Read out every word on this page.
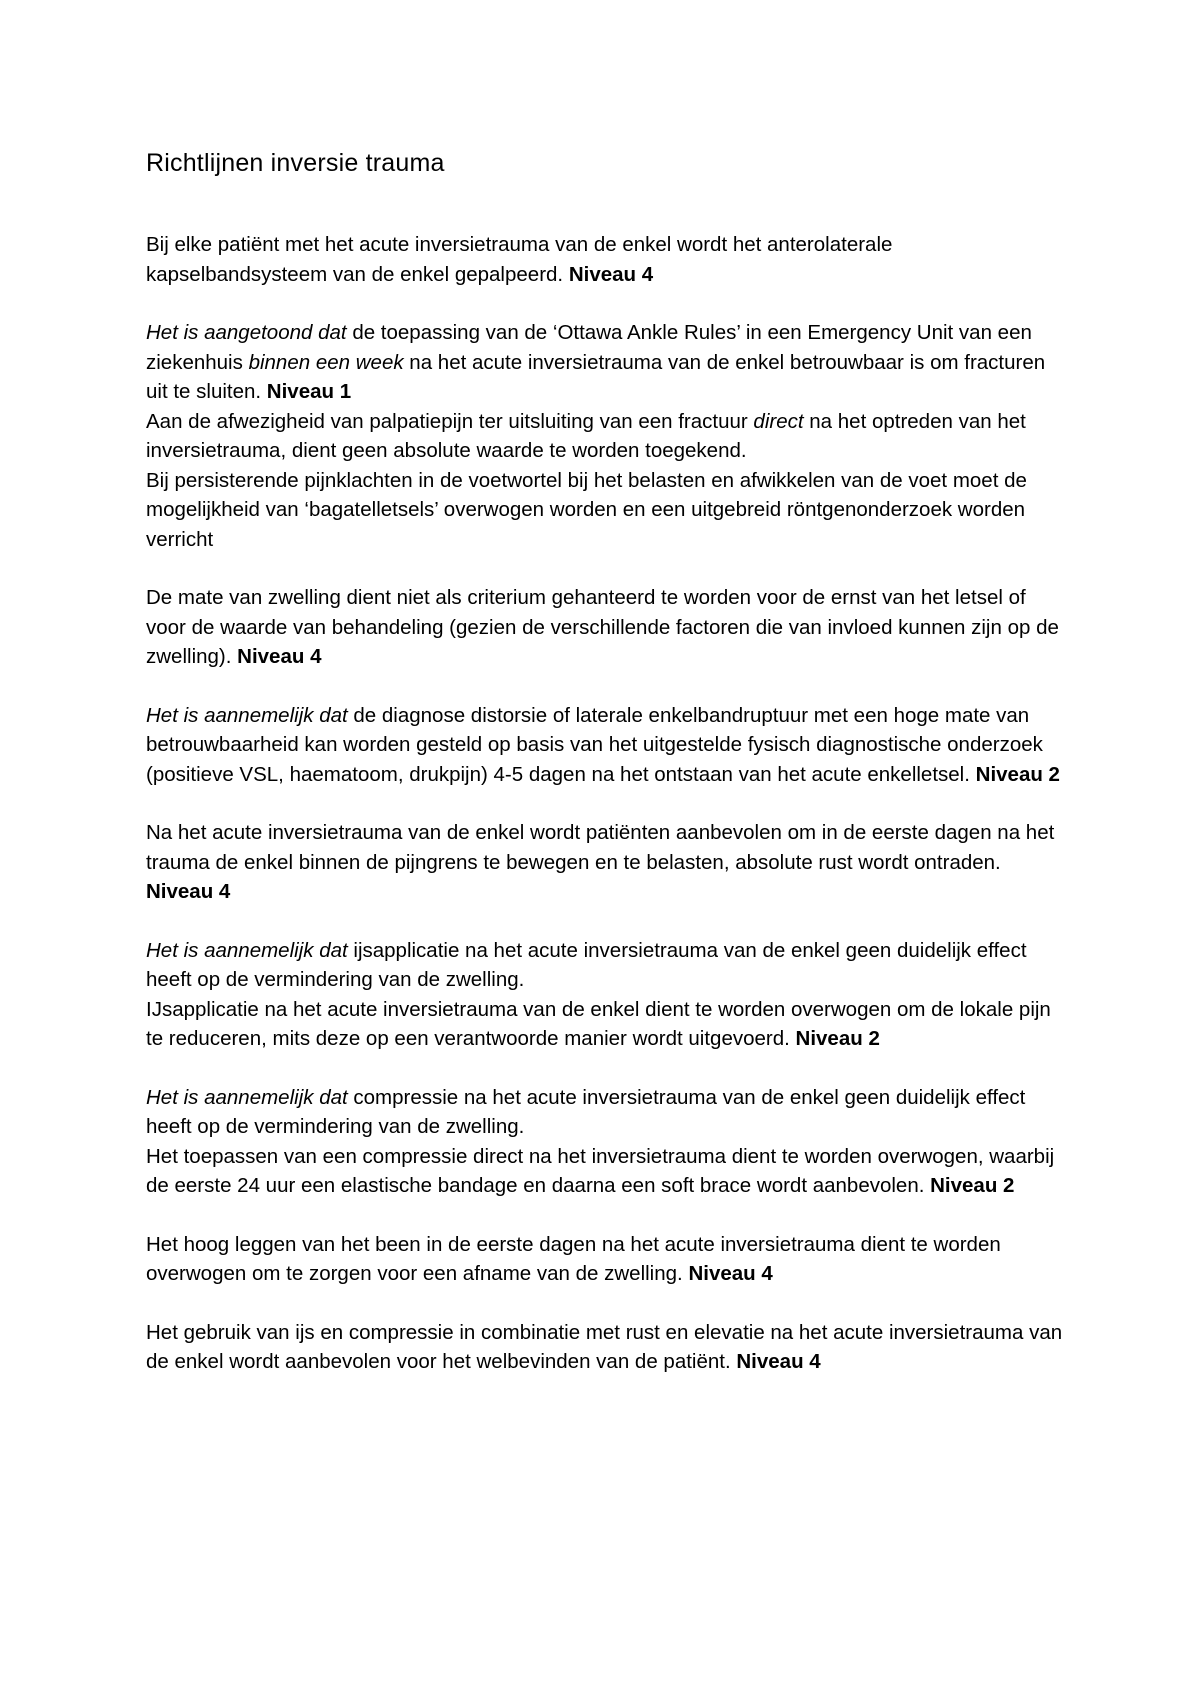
Richtlijnen inversie trauma

Bij elke patiënt met het acute inversietrauma van de enkel wordt het anterolaterale kapselbandsysteem van de enkel gepalpeerd. Niveau 4

Het is aangetoond dat de toepassing van de ‘Ottawa Ankle Rules’ in een Emergency Unit van een ziekenhuis binnen een week na het acute inversietrauma van de enkel betrouwbaar is om fracturen uit te sluiten. Niveau 1
Aan de afwezigheid van palpatiepijn ter uitsluiting van een fractuur direct na het optreden van het inversietrauma, dient geen absolute waarde te worden toegekend.
Bij persisterende pijnklachten in de voetwortel bij het belasten en afwikkelen van de voet moet de mogelijkheid van ‘bagatelletsels’ overwogen worden en een uitgebreid röntgenonderzoek worden verricht

De mate van zwelling dient niet als criterium gehanteerd te worden voor de ernst van het letsel of voor de waarde van behandeling (gezien de verschillende factoren die van invloed kunnen zijn op de zwelling). Niveau 4

Het is aannemelijk dat de diagnose distorsie of laterale enkelbandruptuur met een hoge mate van betrouwbaarheid kan worden gesteld op basis van het uitgestelde fysisch diagnostische onderzoek (positieve VSL, haematoom, drukpijn) 4-5 dagen na het ontstaan van het acute enkelletsel. Niveau 2

Na het acute inversietrauma van de enkel wordt patiënten aanbevolen om in de eerste dagen na het trauma de enkel binnen de pijngrens te bewegen en te belasten, absolute rust wordt ontraden. Niveau 4

Het is aannemelijk dat ijsapplicatie na het acute inversietrauma van de enkel geen duidelijk effect heeft op de vermindering van de zwelling.
IJsapplicatie na het acute inversietrauma van de enkel dient te worden overwogen om de lokale pijn te reduceren, mits deze op een verantwoorde manier wordt uitgevoerd. Niveau 2

Het is aannemelijk dat compressie na het acute inversietrauma van de enkel geen duidelijk effect heeft op de vermindering van de zwelling.
Het toepassen van een compressie direct na het inversietrauma dient te worden overwogen, waarbij de eerste 24 uur een elastische bandage en daarna een soft brace wordt aanbevolen. Niveau 2

Het hoog leggen van het been in de eerste dagen na het acute inversietrauma dient te worden overwogen om te zorgen voor een afname van de zwelling. Niveau 4

Het gebruik van ijs en compressie in combinatie met rust en elevatie na het acute inversietrauma van de enkel wordt aanbevolen voor het welbevinden van de patiënt. Niveau 4
